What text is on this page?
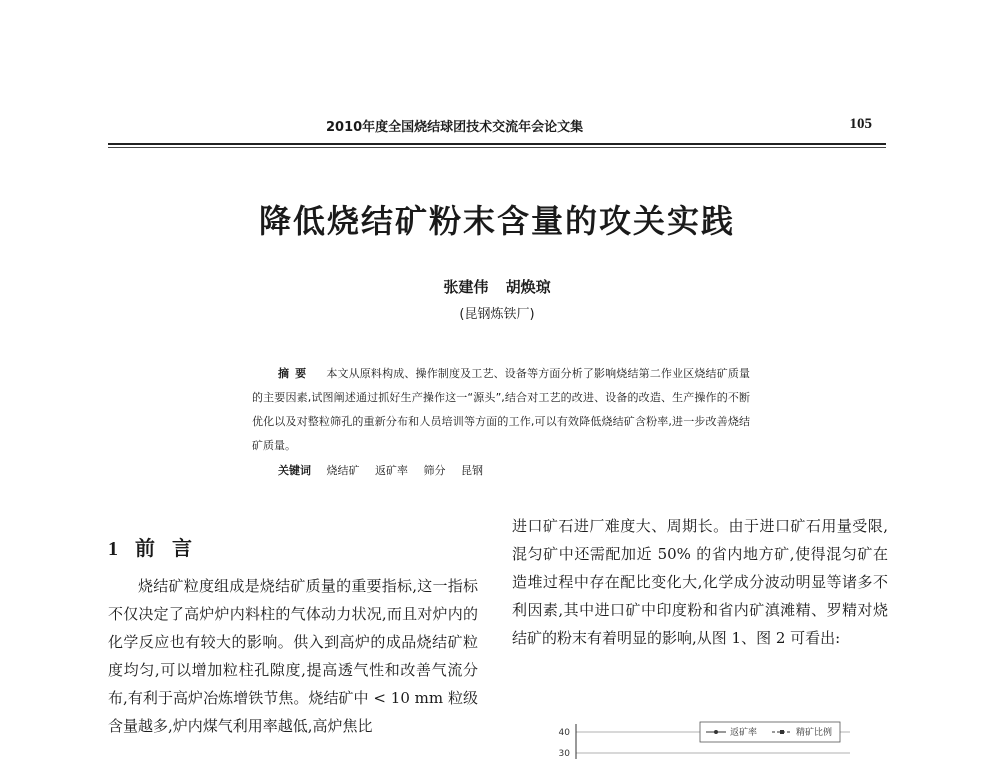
2010年度全国烧结球团技术交流年会论文集	105
降低烧结矿粉末含量的攻关实践
张建伟 胡焕琼
(昆钢炼铁厂)
摘要 本文从原料构成、操作制度及工艺、设备等方面分析了影响烧结第二作业区烧结矿质量的主要因素,试图阐述通过抓好生产操作这一“源头”,结合对工艺的改进、设备的改造、生产操作的不断优化以及对整粒筛孔的重新分布和人员培训等方面的工作,可以有效降低烧结矿含粉率,进一步改善烧结矿质量。
关键词 烧结矿 返矿率 筛分 昆钢
1 前 言

烧结矿粒度组成是烧结矿质量的重要指标,这一指标不仅决定了高炉炉内料柱的气体动力状况,而且对炉内的化学反应也有较大的影响。供入到高炉的成品烧结矿粒度均匀,可以增加粒柱孔隙度,提高透气性和改善气流分布,有利于高炉冶炼增铁节焦。烧结矿中 < 10 mm 粒级含量越多,炉内煤气利用率越低,高炉焦比

进口矿石进厂难度大、周期长。由于进口矿石用量受限,混匀矿中还需配加近 50% 的省内地方矿,使得混匀矿在造堆过程中存在配比变化大,化学成分波动明显等诸多不利因素,其中进口矿中印度粉和省内矿滇滩精、罗精对烧结矿的粉末有着明显的影响,从图 1、图 2 可看出:

40
30
返矿率	精矿比例
